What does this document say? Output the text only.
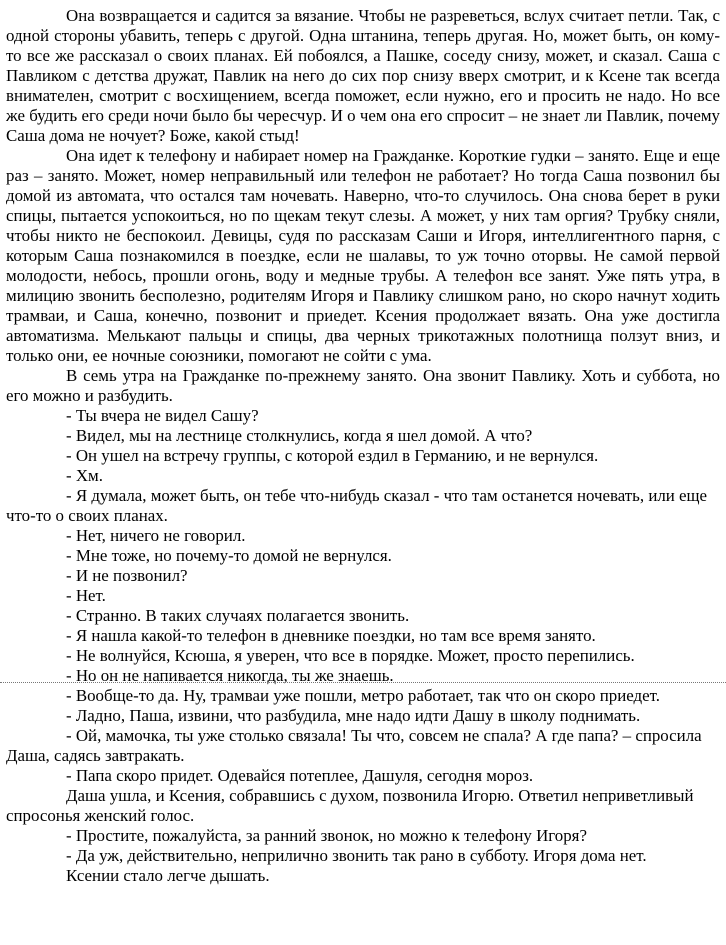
Она возвращается и садится за вязание. Чтобы не разреветься, вслух считает петли. Так, с одной стороны убавить, теперь с другой. Одна штанина, теперь другая. Но, может быть, он кому-то все же рассказал о своих планах. Ей побоялся, а Пашке, соседу снизу, может, и сказал. Саша с Павликом с детства дружат, Павлик на него до сих пор снизу вверх смотрит, и к Ксене так всегда внимателен, смотрит с восхищением, всегда поможет, если нужно, его и просить не надо. Но все же будить его среди ночи было бы чересчур. И о чем она его спросит – не знает ли Павлик, почему Саша дома не ночует? Боже, какой стыд!

Она идет к телефону и набирает номер на Гражданке. Короткие гудки – занято. Еще и еще раз – занято. Может, номер неправильный или телефон не работает? Но тогда Саша позвонил бы домой из автомата, что остался там ночевать. Наверно, что-то случилось. Она снова берет в руки спицы, пытается успокоиться, но по щекам текут слезы. А может, у них там оргия? Трубку сняли, чтобы никто не беспокоил. Девицы, судя по рассказам Саши и Игоря, интеллигентного парня, с которым Саша познакомился в поездке, если не шалавы, то уж точно оторвы. Не самой первой молодости, небось, прошли огонь, воду и медные трубы. А телефон все занят. Уже пять утра, в милицию звонить бесполезно, родителям Игоря и Павлику слишком рано, но скоро начнут ходить трамваи, и Саша, конечно, позвонит и приедет. Ксения продолжает вязать. Она уже достигла автоматизма. Мелькают пальцы и спицы, два черных трикотажных полотнища ползут вниз, и только они, ее ночные союзники, помогают не сойти с ума.

В семь утра на Гражданке по-прежнему занято. Она звонит Павлику. Хоть и суббота, но его можно и разбудить.

- Ты вчера не видел Сашу?

- Видел, мы на лестнице столкнулись, когда я шел домой. А что?

- Он ушел на встречу группы, с которой ездил в Германию, и не вернулся.

- Хм.

- Я думала, может быть, он тебе что-нибудь сказал - что там останется ночевать, или еще что-то о своих планах.

- Нет, ничего не говорил.

- Мне тоже, но почему-то домой не вернулся.

- И не позвонил?

- Нет.

- Странно. В таких случаях полагается звонить.

- Я нашла какой-то телефон в дневнике поездки, но там все время занято.

- Не волнуйся, Ксюша, я уверен, что все в порядке. Может, просто перепились.

- Но он не напивается никогда, ты же знаешь.

- Вообще-то да. Ну, трамваи уже пошли, метро работает, так что он скоро приедет.

- Ладно, Паша, извини, что разбудила, мне надо идти Дашу в школу поднимать.

- Ой, мамочка, ты уже столько связала! Ты что, совсем не спала? А где папа? – спросила Даша, садясь завтракать.

- Папа скоро придет. Одевайся потеплее, Дашуля, сегодня мороз.

Даша ушла, и Ксения, собравшись с духом, позвонила Игорю. Ответил неприветливый спросонья женский голос.

- Простите, пожалуйста, за ранний звонок, но можно к телефону Игоря?

- Да уж, действительно, неприлично звонить так рано в субботу. Игоря дома нет.

Ксении стало легче дышать.
